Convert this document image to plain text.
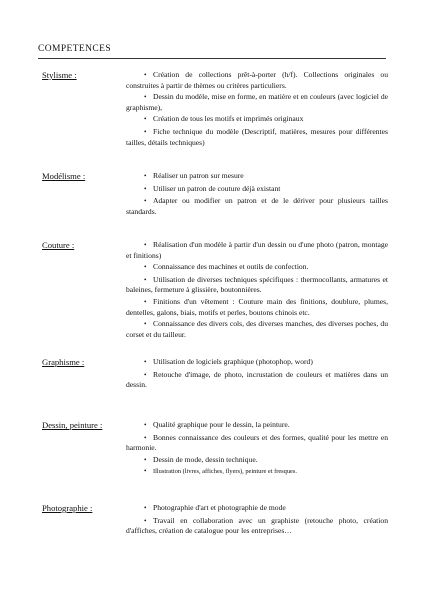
COMPETENCES
Stylisme :	• Création de collections prêt-à-porter (h/f). Collections originales ou construites à partir de thèmes ou critères particuliers.
• Dessin du modèle, mise en forme, en matière et en couleurs (avec logiciel de graphisme),
• Création de tous les motifs et imprimés originaux
• Fiche technique du modèle (Descriptif, matières, mesures pour différentes tailles, détails techniques)
Modélisme :	• Réaliser un patron sur mesure
• Utiliser un patron de couture déjà existant
• Adapter ou modifier un patron et de le dériver pour plusieurs tailles standards.
Couture :	• Réalisation d'un modèle à partir d'un dessin ou d'une photo (patron, montage et finitions)
• Connaissance des machines et outils de confection.
• Utilisation de diverses techniques spécifiques : thermocollants, armatures et baleines, fermeture à glissière, boutonnières.
• Finitions d'un vêtement : Couture main des finitions, doublure, plumes, dentelles, galons, biais, motifs et perles, boutons chinois etc.
• Connaissance des divers cols, des diverses manches, des diverses poches, du corset et du tailleur.
Graphisme :	• Utilisation de logiciels graphique (photophop, word)
• Retouche d'image, de photo, incrustation de couleurs et matières dans un dessin.
Dessin, peinture :	• Qualité graphique pour le dessin, la peinture.
• Bonnes connaissance des couleurs et des formes, qualité pour les mettre en harmonie.
• Dessin de mode, dessin technique.
• Illustration (livres, affiches, flyers), peinture et fresques.
Photographie :	• Photographie d'art et photographie de mode
• Travail en collaboration avec un graphiste (retouche photo, création d'affiches, création de catalogue pour les entreprises…
